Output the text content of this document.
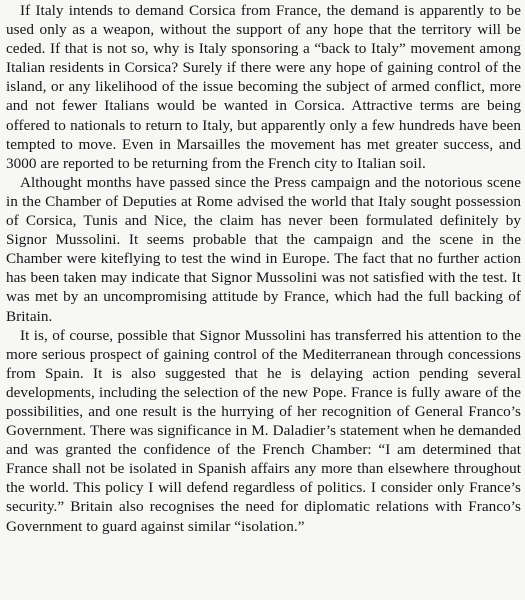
If Italy intends to demand Corsica from France, the demand is apparently to be used only as a weapon, without the support of any hope that the territory will be ceded. If that is not so, why is Italy sponsoring a “back to Italy” movement among Italian residents in Corsica? Surely if there were any hope of gaining control of the island, or any likelihood of the issue becoming the subject of armed conflict, more and not fewer Italians would be wanted in Corsica. Attractive terms are being offered to nationals to return to Italy, but apparently only a few hundreds have been tempted to move. Even in Marsailles the movement has met greater success, and 3000 are reported to be returning from the French city to Italian soil.

Althought months have passed since the Press campaign and the notorious scene in the Chamber of Deputies at Rome advised the world that Italy sought possession of Corsica, Tunis and Nice, the claim has never been formulated definitely by Signor Mussolini. It seems probable that the campaign and the scene in the Chamber were kiteflying to test the wind in Europe. The fact that no further action has been taken may indicate that Signor Mussolini was not satisfied with the test. It was met by an uncompromising attitude by France, which had the full backing of Britain.

It is, of course, possible that Signor Mussolini has transferred his attention to the more serious prospect of gaining control of the Mediterranean through concessions from Spain. It is also suggested that he is delaying action pending several developments, including the selection of the new Pope. France is fully aware of the possibilities, and one result is the hurrying of her recognition of General Franco’s Government. There was significance in M. Daladier’s statement when he demanded and was granted the confidence of the French Chamber: “I am determined that France shall not be isolated in Spanish affairs any more than elsewhere throughout the world. This policy I will defend regardless of politics. I consider only France’s security.” Britain also recognises the need for diplomatic relations with Franco’s Government to guard against similar “isolation.”
